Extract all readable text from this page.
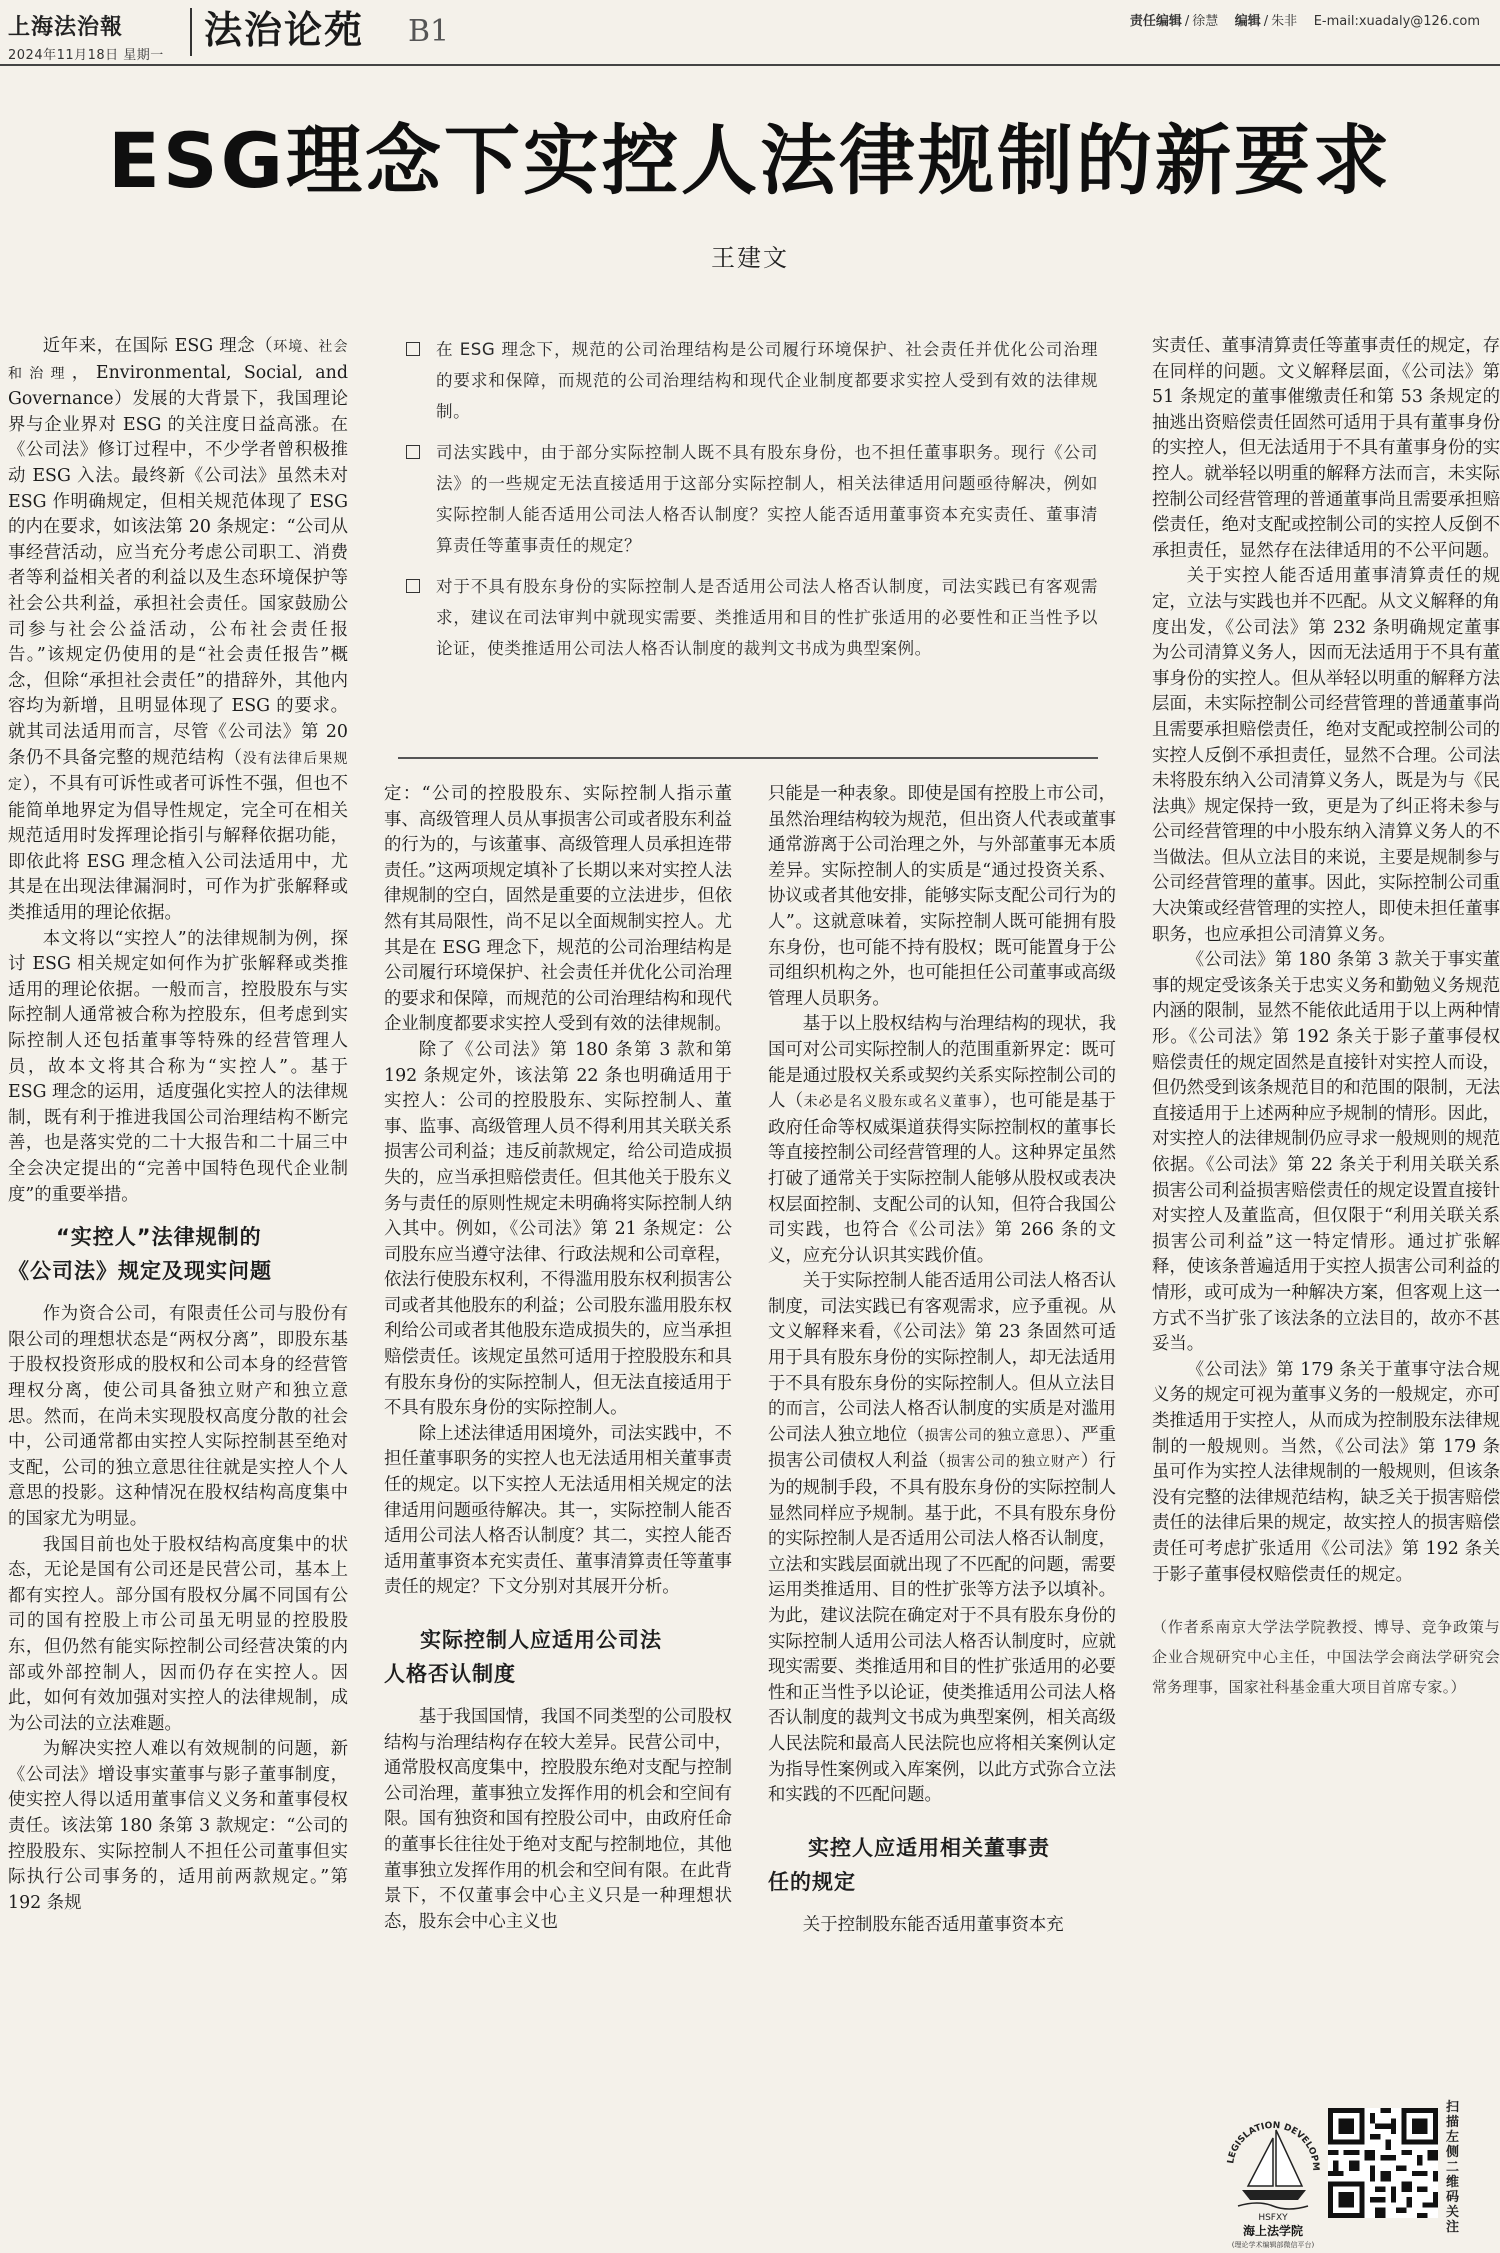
上海法治報
2024年11月18日 星期一
法治论苑 B1	责任编辑 / 徐慧 编辑 / 朱非 E-mail:xuadaly@126.com
ESG理念下实控人法律规制的新要求
王建文
在 ESG 理念下，规范的公司治理结构是公司履行环境保护、社会责任并优化公司治理的要求和保障，而规范的公司治理结构和现代企业制度都要求实控人受到有效的法律规制。
司法实践中，由于部分实际控制人既不具有股东身份，也不担任董事职务。现行《公司法》的一些规定无法直接适用于这部分实际控制人，相关法律适用问题亟待解决，例如实际控制人能否适用公司法人格否认制度？实控人能否适用董事资本充实责任、董事清算责任等董事责任的规定？
对于不具有股东身份的实际控制人是否适用公司法人格否认制度，司法实践已有客观需求，建议在司法审判中就现实需要、类推适用和目的性扩张适用的必要性和正当性予以论证，使类推适用公司法人格否认制度的裁判文书成为典型案例。

近年来，在国际 ESG 理念（环境、社会和治理，Environmental, Social, and Governance）发展的大背景下，我国理论界与企业界对 ESG 的关注度日益高涨。在《公司法》修订过程中，不少学者曾积极推动 ESG 入法。最终新《公司法》虽然未对 ESG 作明确规定，但相关规范体现了 ESG 的内在要求，如该法第 20 条规定：“公司从事经营活动，应当充分考虑公司职工、消费者等利益相关者的利益以及生态环境保护等社会公共利益，承担社会责任。国家鼓励公司参与社会公益活动，公布社会责任报告。”该规定仍使用的是“社会责任报告”概念，但除“承担社会责任”的措辞外，其他内容均为新增，且明显体现了 ESG 的要求。就其司法适用而言，尽管《公司法》第 20 条仍不具备完整的规范结构（没有法律后果规定），不具有可诉性或者可诉性不强，但也不能简单地界定为倡导性规定，完全可在相关规范适用时发挥理论指引与解释依据功能，即依此将 ESG 理念植入公司法适用中，尤其是在出现法律漏洞时，可作为扩张解释或类推适用的理论依据。

本文将以“实控人”的法律规制为例，探讨 ESG 相关规定如何作为扩张解释或类推适用的理论依据。一般而言，控股股东与实际控制人通常被合称为控股东，但考虑到实际控制人还包括董事等特殊的经营管理人员，故本文将其合称为“实控人”。基于 ESG 理念的运用，适度强化实控人的法律规制，既有利于推进我国公司治理结构不断完善，也是落实党的二十大报告和二十届三中全会决定提出的“完善中国特色现代企业制度”的重要举措。

“实控人”法律规制的
《公司法》规定及现实问题

作为资合公司，有限责任公司与股份有限公司的理想状态是“两权分离”，即股东基于股权投资形成的股权和公司本身的经营管理权分离，使公司具备独立财产和独立意思。然而，在尚未实现股权高度分散的社会中，公司通常都由实控人实际控制甚至绝对支配，公司的独立意思往往就是实控人个人意思的投影。这种情况在股权结构高度集中的国家尤为明显。

我国目前也处于股权结构高度集中的状态，无论是国有公司还是民营公司，基本上都有实控人。部分国有股权分属不同国有公司的国有控股上市公司虽无明显的控股股东，但仍然有能实际控制公司经营决策的内部或外部控制人，因而仍存在实控人。因此，如何有效加强对实控人的法律规制，成为公司法的立法难题。

为解决实控人难以有效规制的问题，新《公司法》增设事实董事与影子董事制度，使实控人得以适用董事信义义务和董事侵权责任。该法第 180 条第 3 款规定：“公司的控股股东、实际控制人不担任公司董事但实际执行公司事务的，适用前两款规定。”第 192 条规

定：“公司的控股股东、实际控制人指示董事、高级管理人员从事损害公司或者股东利益的行为的，与该董事、高级管理人员承担连带责任。”这两项规定填补了长期以来对实控人法律规制的空白，固然是重要的立法进步，但依然有其局限性，尚不足以全面规制实控人。尤其是在 ESG 理念下，规范的公司治理结构是公司履行环境保护、社会责任并优化公司治理的要求和保障，而规范的公司治理结构和现代企业制度都要求实控人受到有效的法律规制。

除了《公司法》第 180 条第 3 款和第 192 条规定外，该法第 22 条也明确适用于实控人：公司的控股股东、实际控制人、董事、监事、高级管理人员不得利用其关联关系损害公司利益；违反前款规定，给公司造成损失的，应当承担赔偿责任。但其他关于股东义务与责任的原则性规定未明确将实际控制人纳入其中。例如，《公司法》第 21 条规定：公司股东应当遵守法律、行政法规和公司章程，依法行使股东权利，不得滥用股东权利损害公司或者其他股东的利益；公司股东滥用股东权利给公司或者其他股东造成损失的，应当承担赔偿责任。该规定虽然可适用于控股股东和具有股东身份的实际控制人，但无法直接适用于不具有股东身份的实际控制人。

除上述法律适用困境外，司法实践中，不担任董事职务的实控人也无法适用相关董事责任的规定。以下实控人无法适用相关规定的法律适用问题亟待解决。其一，实际控制人能否适用公司法人格否认制度？其二，实控人能否适用董事资本充实责任、董事清算责任等董事责任的规定？下文分别对其展开分析。

实际控制人应适用公司法
人格否认制度

基于我国国情，我国不同类型的公司股权结构与治理结构存在较大差异。民营公司中，通常股权高度集中，控股股东绝对支配与控制公司治理，董事独立发挥作用的机会和空间有限。国有独资和国有控股公司中，由政府任命的董事长往往处于绝对支配与控制地位，其他董事独立发挥作用的机会和空间有限。在此背景下，不仅董事会中心主义只是一种理想状态，股东会中心主义也

只能是一种表象。即使是国有控股上市公司，虽然治理结构较为规范，但出资人代表或董事通常游离于公司治理之外，与外部董事无本质差异。实际控制人的实质是“通过投资关系、协议或者其他安排，能够实际支配公司行为的人”。这就意味着，实际控制人既可能拥有股东身份，也可能不持有股权；既可能置身于公司组织机构之外，也可能担任公司董事或高级管理人员职务。

基于以上股权结构与治理结构的现状，我国可对公司实际控制人的范围重新界定：既可能是通过股权关系或契约关系实际控制公司的人（未必是名义股东或名义董事），也可能是基于政府任命等权威渠道获得实际控制权的董事长等直接控制公司经营管理的人。这种界定虽然打破了通常关于实际控制人能够从股权或表决权层面控制、支配公司的认知，但符合我国公司实践，也符合《公司法》第 266 条的文义，应充分认识其实践价值。

关于实际控制人能否适用公司法人格否认制度，司法实践已有客观需求，应予重视。从文义解释来看，《公司法》第 23 条固然可适用于具有股东身份的实际控制人，却无法适用于不具有股东身份的实际控制人。但从立法目的而言，公司法人格否认制度的实质是对滥用公司法人独立地位（损害公司的独立意思）、严重损害公司债权人利益（损害公司的独立财产）行为的规制手段，不具有股东身份的实际控制人显然同样应予规制。基于此，不具有股东身份的实际控制人是否适用公司法人格否认制度，立法和实践层面就出现了不匹配的问题，需要运用类推适用、目的性扩张等方法予以填补。为此，建议法院在确定对于不具有股东身份的实际控制人适用公司法人格否认制度时，应就现实需要、类推适用和目的性扩张适用的必要性和正当性予以论证，使类推适用公司法人格否认制度的裁判文书成为典型案例，相关高级人民法院和最高人民法院也应将相关案例认定为指导性案例或入库案例，以此方式弥合立法和实践的不匹配问题。

实控人应适用相关董事责
任的规定

关于控制股东能否适用董事资本充

实责任、董事清算责任等董事责任的规定，存在同样的问题。文义解释层面，《公司法》第 51 条规定的董事催缴责任和第 53 条规定的抽逃出资赔偿责任固然可适用于具有董事身份的实控人，但无法适用于不具有董事身份的实控人。就举轻以明重的解释方法而言，未实际控制公司经营管理的普通董事尚且需要承担赔偿责任，绝对支配或控制公司的实控人反倒不承担责任，显然存在法律适用的不公平问题。

关于实控人能否适用董事清算责任的规定，立法与实践也并不匹配。从文义解释的角度出发，《公司法》第 232 条明确规定董事为公司清算义务人，因而无法适用于不具有董事身份的实控人。但从举轻以明重的解释方法层面，未实际控制公司经营管理的普通董事尚且需要承担赔偿责任，绝对支配或控制公司的实控人反倒不承担责任，显然不合理。公司法未将股东纳入公司清算义务人，既是为与《民法典》规定保持一致，更是为了纠正将未参与公司经营管理的中小股东纳入清算义务人的不当做法。但从立法目的来说，主要是规制参与公司经营管理的董事。因此，实际控制公司重大决策或经营管理的实控人，即使未担任董事职务，也应承担公司清算义务。

《公司法》第 180 条第 3 款关于事实董事的规定受该条关于忠实义务和勤勉义务规范内涵的限制，显然不能依此适用于以上两种情形。《公司法》第 192 条关于影子董事侵权赔偿责任的规定固然是直接针对实控人而设，但仍然受到该条规范目的和范围的限制，无法直接适用于上述两种应予规制的情形。因此，对实控人的法律规制仍应寻求一般规则的规范依据。《公司法》第 22 条关于利用关联关系损害公司利益损害赔偿责任的规定设置直接针对实控人及董监高，但仅限于“利用关联关系损害公司利益”这一特定情形。通过扩张解释，使该条普遍适用于实控人损害公司利益的情形，或可成为一种解决方案，但客观上这一方式不当扩张了该法条的立法目的，故亦不甚妥当。

《公司法》第 179 条关于董事守法合规义务的规定可视为董事义务的一般规定，亦可类推适用于实控人，从而成为控制股东法律规制的一般规则。当然，《公司法》第 179 条虽可作为实控人法律规制的一般规则，但该条没有完整的法律规范结构，缺乏关于损害赔偿责任的法律后果的规定，故实控人的损害赔偿责任可考虑扩张适用《公司法》第 192 条关于影子董事侵权赔偿责任的规定。

（作者系南京大学法学院教授、博导、竞争政策与企业合规研究中心主任，中国法学会商法学研究会常务理事，国家社科基金重大项目首席专家。）
LEGISLATION DEVELOPM
HSFXY
海上法学院
(理论学术编辑部微信平台)
扫描左侧二维码关注
